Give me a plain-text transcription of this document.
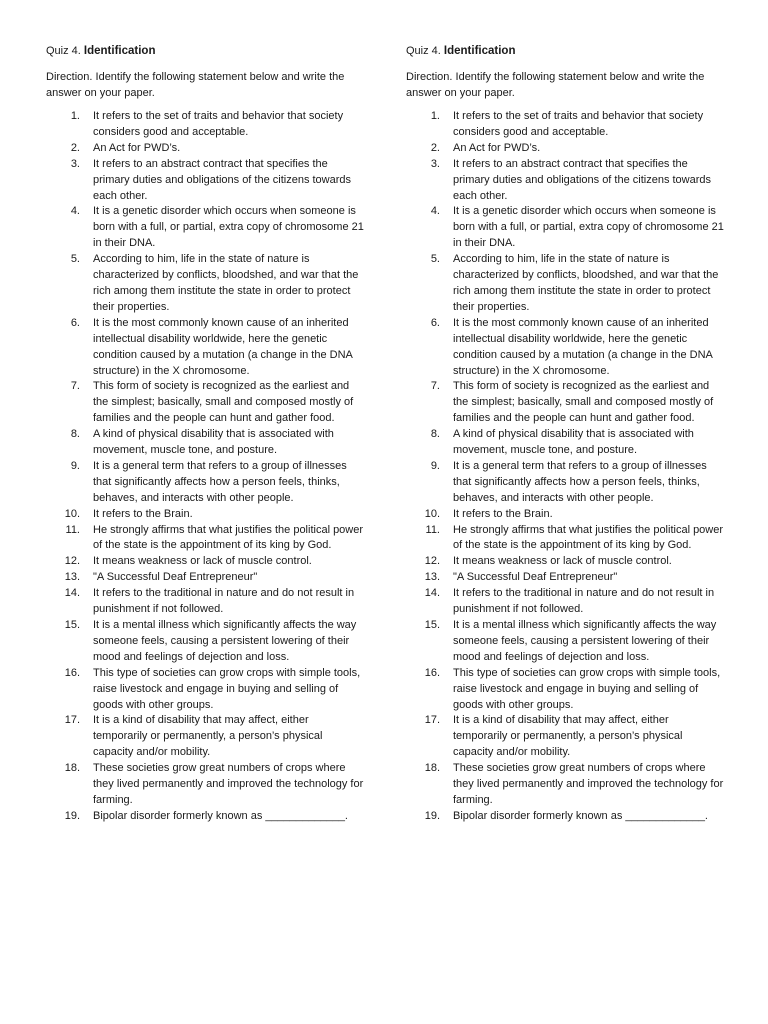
Quiz 4. Identification
Direction. Identify the following statement below and write the answer on your paper.
1. It refers to the set of traits and behavior that society considers good and acceptable.
2. An Act for PWD’s.
3. It refers to an abstract contract that specifies the primary duties and obligations of the citizens towards each other.
4. It is a genetic disorder which occurs when someone is born with a full, or partial, extra copy of chromosome 21 in their DNA.
5. According to him, life in the state of nature is characterized by conflicts, bloodshed, and war that the rich among them institute the state in order to protect their properties.
6. It is the most commonly known cause of an inherited intellectual disability worldwide, here the genetic condition caused by a mutation (a change in the DNA structure) in the X chromosome.
7. This form of society is recognized as the earliest and the simplest; basically, small and composed mostly of families and the people can hunt and gather food.
8. A kind of physical disability that is associated with movement, muscle tone, and posture.
9. It is a general term that refers to a group of illnesses that significantly affects how a person feels, thinks, behaves, and interacts with other people.
10. It refers to the Brain.
11. He strongly affirms that what justifies the political power of the state is the appointment of its king by God.
12. It means weakness or lack of muscle control.
13. "A Successful Deaf Entrepreneur"
14. It refers to the traditional in nature and do not result in punishment if not followed.
15. It is a mental illness which significantly affects the way someone feels, causing a persistent lowering of their mood and feelings of dejection and loss.
16. This type of societies can grow crops with simple tools, raise livestock and engage in buying and selling of goods with other groups.
17. It is a kind of disability that may affect, either temporarily or permanently, a person’s physical capacity and/or mobility.
18. These societies grow great numbers of crops where they lived permanently and improved the technology for farming.
19. Bipolar disorder formerly known as _____________.
Quiz 4. Identification
Direction. Identify the following statement below and write the answer on your paper.
1. It refers to the set of traits and behavior that society considers good and acceptable.
2. An Act for PWD’s.
3. It refers to an abstract contract that specifies the primary duties and obligations of the citizens towards each other.
4. It is a genetic disorder which occurs when someone is born with a full, or partial, extra copy of chromosome 21 in their DNA.
5. According to him, life in the state of nature is characterized by conflicts, bloodshed, and war that the rich among them institute the state in order to protect their properties.
6. It is the most commonly known cause of an inherited intellectual disability worldwide, here the genetic condition caused by a mutation (a change in the DNA structure) in the X chromosome.
7. This form of society is recognized as the earliest and the simplest; basically, small and composed mostly of families and the people can hunt and gather food.
8. A kind of physical disability that is associated with movement, muscle tone, and posture.
9. It is a general term that refers to a group of illnesses that significantly affects how a person feels, thinks, behaves, and interacts with other people.
10. It refers to the Brain.
11. He strongly affirms that what justifies the political power of the state is the appointment of its king by God.
12. It means weakness or lack of muscle control.
13. "A Successful Deaf Entrepreneur"
14. It refers to the traditional in nature and do not result in punishment if not followed.
15. It is a mental illness which significantly affects the way someone feels, causing a persistent lowering of their mood and feelings of dejection and loss.
16. This type of societies can grow crops with simple tools, raise livestock and engage in buying and selling of goods with other groups.
17. It is a kind of disability that may affect, either temporarily or permanently, a person’s physical capacity and/or mobility.
18. These societies grow great numbers of crops where they lived permanently and improved the technology for farming.
19. Bipolar disorder formerly known as _____________.
